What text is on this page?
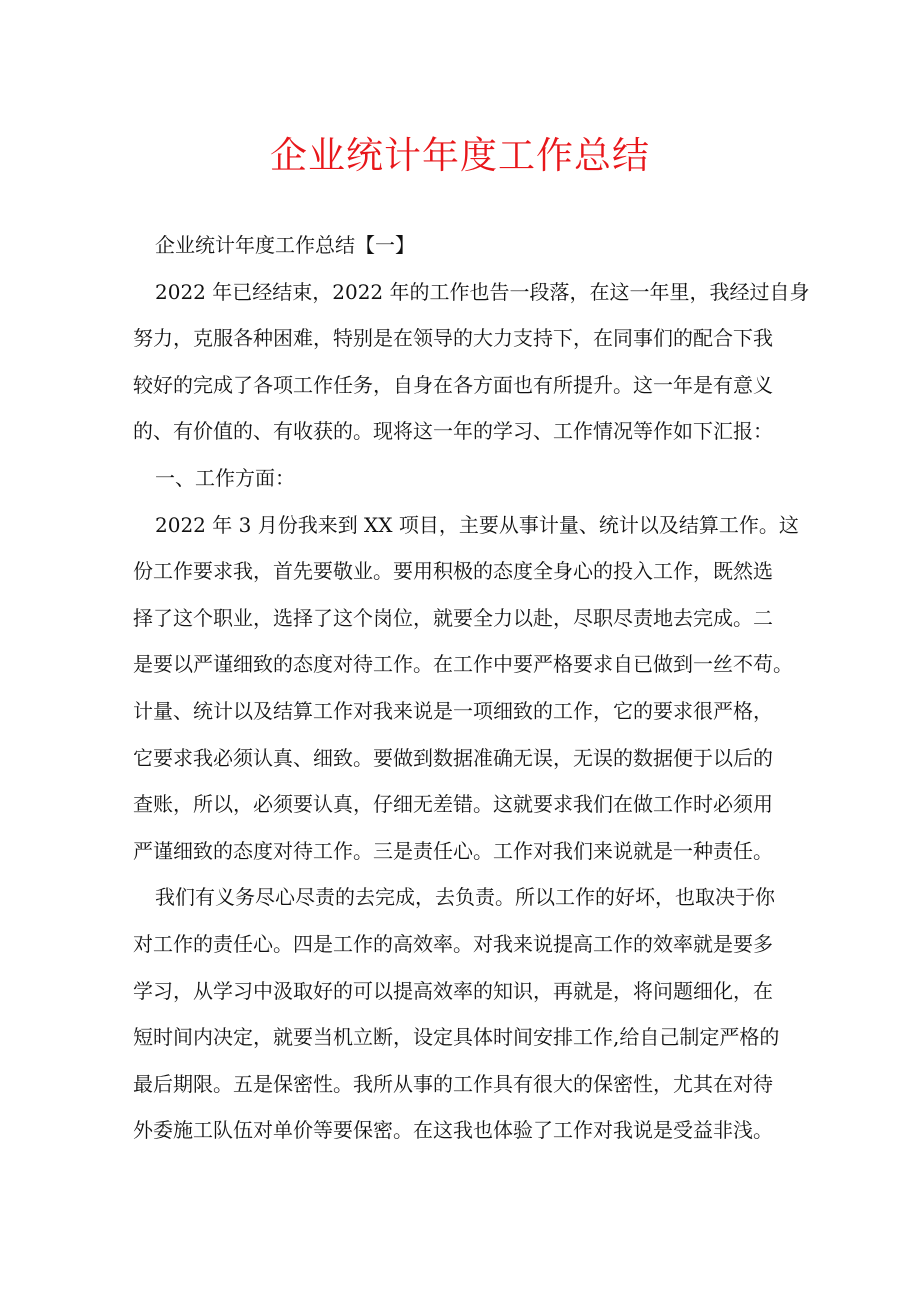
企业统计年度工作总结

企业统计年度工作总结【一】

2022 年已经结束，2022 年的工作也告一段落，在这一年里，我经过自身
努力，克服各种困难，特别是在领导的大力支持下，在同事们的配合下我
较好的完成了各项工作任务，自身在各方面也有所提升。这一年是有意义
的、有价值的、有收获的。现将这一年的学习、工作情况等作如下汇报：
一、工作方面：
2022 年 3 月份我来到 XX 项目，主要从事计量、统计以及结算工作。这
份工作要求我，首先要敬业。要用积极的态度全身心的投入工作，既然选
择了这个职业，选择了这个岗位，就要全力以赴，尽职尽责地去完成。二
是要以严谨细致的态度对待工作。在工作中要严格要求自已做到一丝不苟。
计量、统计以及结算工作对我来说是一项细致的工作，它的要求很严格，
它要求我必须认真、细致。要做到数据准确无误，无误的数据便于以后的
查账，所以，必须要认真，仔细无差错。这就要求我们在做工作时必须用
严谨细致的态度对待工作。三是责任心。工作对我们来说就是一种责任。
我们有义务尽心尽责的去完成，去负责。所以工作的好坏，也取决于你
对工作的责任心。四是工作的高效率。对我来说提高工作的效率就是要多
学习，从学习中汲取好的可以提高效率的知识，再就是，将问题细化，在
短时间内决定，就要当机立断，设定具体时间安排工作,给自己制定严格的
最后期限。五是保密性。我所从事的工作具有很大的保密性，尤其在对待
外委施工队伍对单价等要保密。在这我也体验了工作对我说是受益非浅。
